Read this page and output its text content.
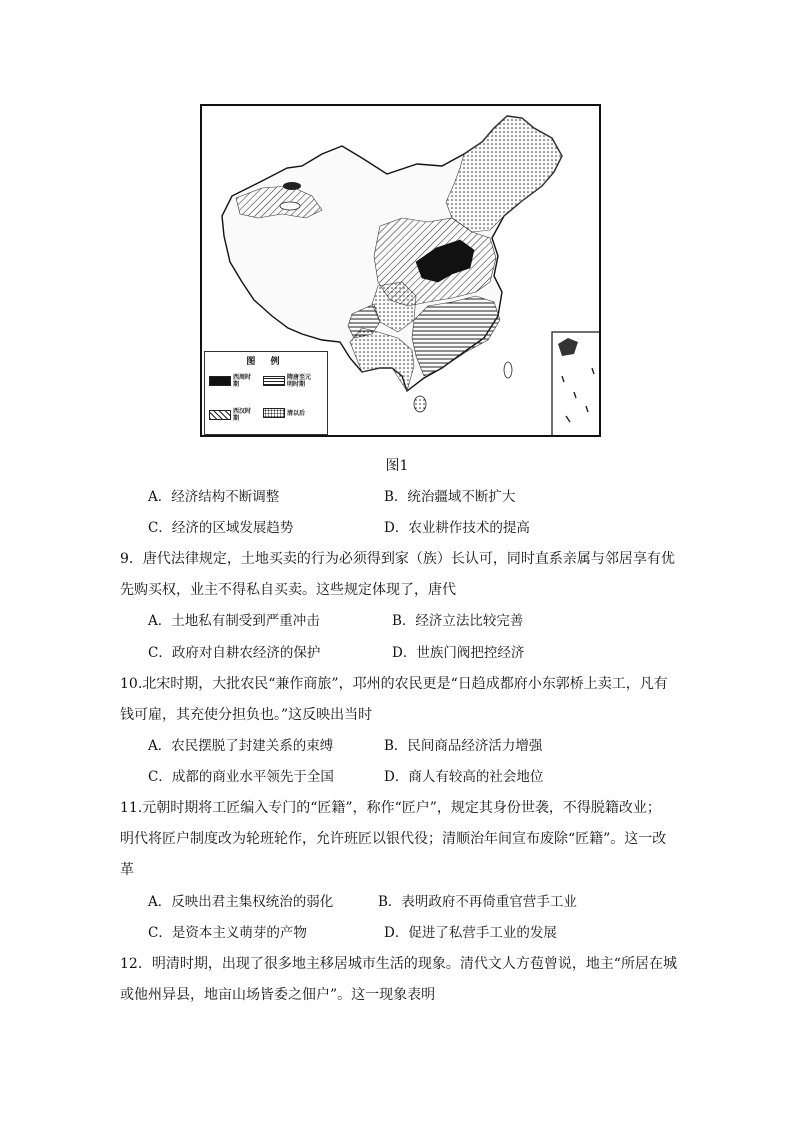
图 例
西周时期
隋唐至元明时期
西汉时期
清以后
图1
A．经济结构不断调整	B．统治疆域不断扩大
C．经济的区域发展趋势	D．农业耕作技术的提高
9．唐代法律规定，土地买卖的行为必须得到家（族）长认可，同时直系亲属与邻居享有优
先购买权，业主不得私自买卖。这些规定体现了，唐代
A．土地私有制受到严重冲击	B．经济立法比较完善
C．政府对自耕农经济的保护	D．世族门阀把控经济
10.北宋时期，大批农民“兼作商旅”，邛州的农民更是“日趋成都府小东郭桥上卖工，凡有
钱可雇，其充使分担负也。”这反映出当时
A．农民摆脱了封建关系的束缚	B．民间商品经济活力增强
C．成都的商业水平领先于全国	D．商人有较高的社会地位
11.元朝时期将工匠编入专门的“匠籍”，称作“匠户”，规定其身份世袭，不得脱籍改业；
明代将匠户制度改为轮班轮作，允许班匠以银代役；清顺治年间宣布废除“匠籍”。这一改
革
A．反映出君主集权统治的弱化	B．表明政府不再倚重官营手工业
C．是资本主义萌芽的产物	D．促进了私营手工业的发展
12．明清时期，出现了很多地主移居城市生活的现象。清代文人方苞曾说，地主“所居在城
或他州异县，地亩山场皆委之佃户”。这一现象表明
